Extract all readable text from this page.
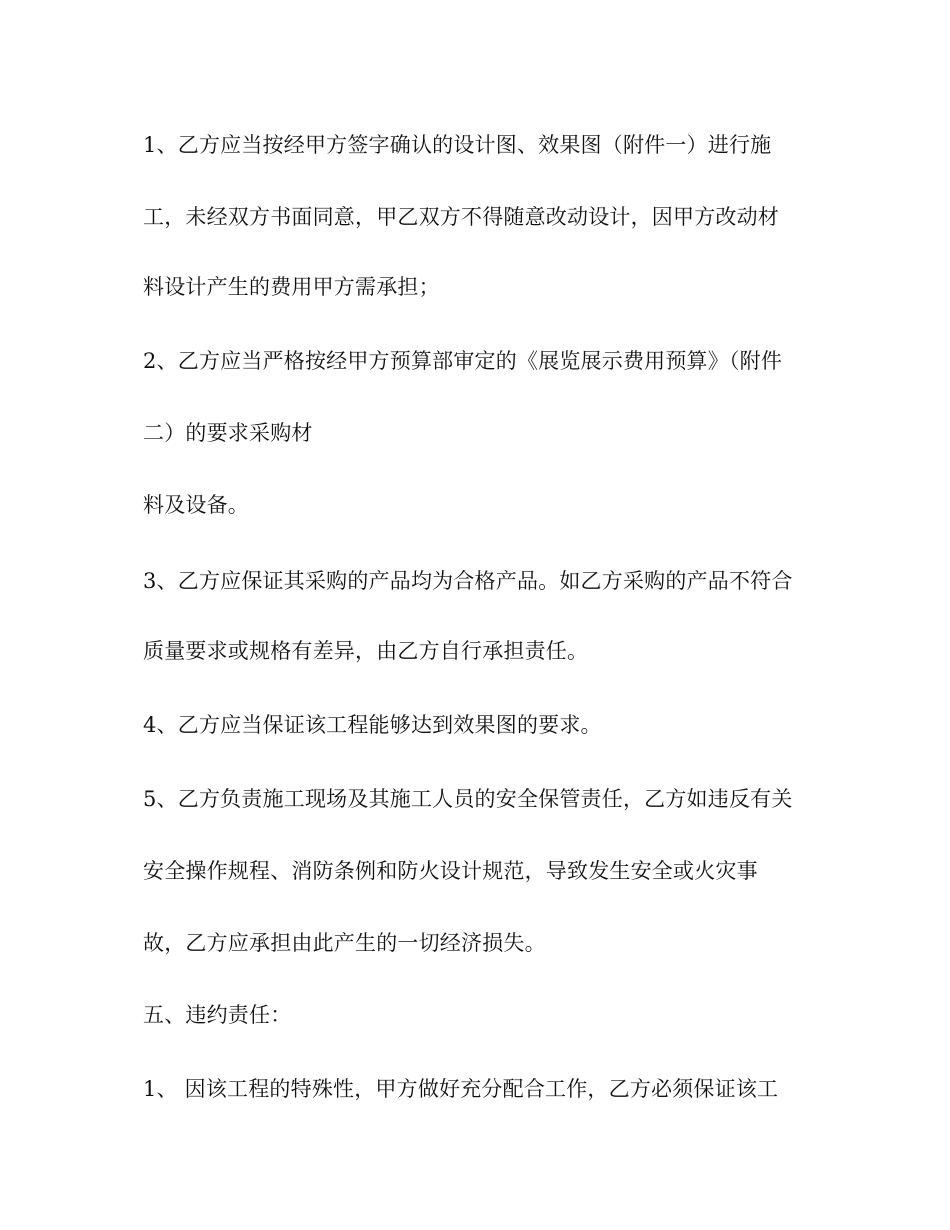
1、乙方应当按经甲方签字确认的设计图、效果图（附件一）进行施
工，未经双方书面同意，甲乙双方不得随意改动设计，因甲方改动材
料设计产生的费用甲方需承担；
2、乙方应当严格按经甲方预算部审定的《展览展示费用预算》（附件
二）的要求采购材
料及设备。
3、乙方应保证其采购的产品均为合格产品。如乙方采购的产品不符合
质量要求或规格有差异，由乙方自行承担责任。
4、乙方应当保证该工程能够达到效果图的要求。
5、乙方负责施工现场及其施工人员的安全保管责任，乙方如违反有关
安全操作规程、消防条例和防火设计规范，导致发生安全或火灾事
故，乙方应承担由此产生的一切经济损失。
五、违约责任：
1、 因该工程的特殊性，甲方做好充分配合工作，乙方必须保证该工
